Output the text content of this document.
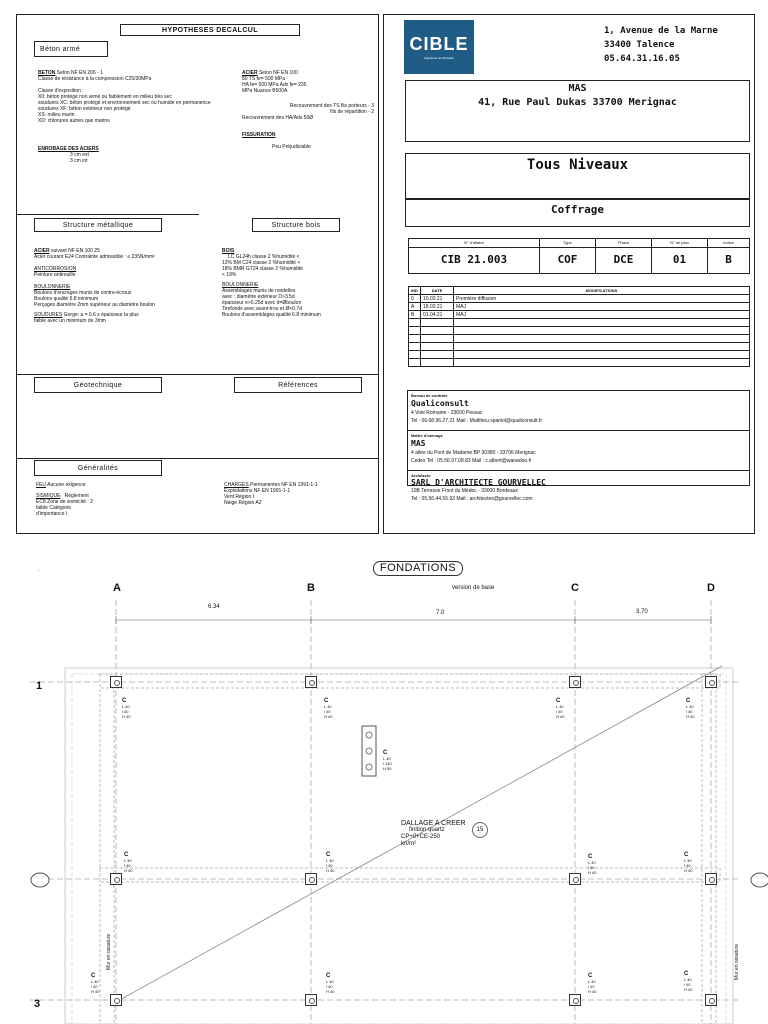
HYPOTHESES DECALCUL
Béton armé
BETON Selon NF EN 206 - 1
Classe de résistance à la compression C25/30MPa
Classe d'exposition :
X0: béton protégé non armé ou faiblement en milieu très sec
soudures XC: béton protégé et environnement sec ou humide en permanence
soudures XF: béton extérieur non protégé
XS: milieu marin
XD: chlorures autres que marins
ACIER Selon NF EN 100
80 TS fe= 500 MPa
HA fe= 500 MPa Adx fe= 235
MPa Nuance B500A
Recouvrement des TS fils porteurs - 3
fils de répartition - 2
Recouvrement des HA/Adx 50Ø
FISSURATION
Peu Préjudiciable
ENROBAGE DES ACIERS
3 cm ext
3 cm int
Structure métallique	Structure bois
ACIER suivant NF EN 100 25
Acier courant E24 Contrainte admissible : ≤ 235N/mm²
ANTICORROSION
Peinture antirouille
BOULONNERIE
Boulons d'encrages munis de contre-écrous
Boulons qualité 6.8 minimum
Perçages diamètre 2mm supérieur au diamètre boulon
SOUDURES Gorge: a = 0.6 x épaisseur la plus
faible avec un minimum de 3mm
BOIS
LC GL24h classe 2 %humidité <
12% BM C24 classe 2 %humidité <
18% BMR GT24 classe 2 %humidité
< 18%
BOULONNERIE
Assemblages munis de rondelles
avec : diamètre extérieur D>3.5d
épaisseur e>0.25d avec d=Øboulon
Tirefonds avec avant-trou et Ø<0.7d
Boulons d'assemblages qualité 6.8 minimum
Géotechnique	Références
Généralités
FEU Aucune exigence
SISMIQUE Règlement
EC8 Zone de sismicité : 2
faible Catégorie
d'importance I
CHARGES Permanentes NF EN 1991-1-1
Exploitations NF EN 1991-1-1
Vent Région I
Neige Région A2
CIBLE
Ingénierie de l'Existant
1, Avenue de la Marne
33400 Talence
05.64.31.16.05
MAS
41, Rue Paul Dukas 33700 Merignac
Tous Niveaux
Coffrage
N° d'affaire	Type	Phase	N° de plan	Indice
CIB 21.003	COF	DCE	01	B
IND	DATE	MODIFICATIONS
0	10.03.21	Première diffusion
A	18.03.21	MAJ
B	01.04.21	MAJ

Bureau de contrôle
Qualiconsult
4 Voie Romaine - 33600 Pessac
Tel : 06.68.96.27.21 Mail : Matthieu.spaniol@qualiconsult.fr
Maître d'ouvrage
MAS
4 allée du Pont de Madame BP 30380 - 33706 Merignac
Cedex Tel : 05.56.97.08.83 Mail : c.albert@wanadoo.fr
Architecte
SARL D'ARCHITECTE GOURVELLEC
10B Terrasse Front du Médoc - 33000 Bordeaux
Tel : 05.56.44.55.93 Mail : architectes@gourvellec.com
FONDATIONS
version de base
·
A	B	C	D
1
3
6.34
7.0	3.70
C
L 40
l 40
H 40
C
L 40
l 40
H 40
C
L 40
l 40
H 40
C
L 40
l 40
H 40
C
L 40
l 40
H 40
C
L 40
l 40
H 40
C
L 40
l 40
H 40
C
L 40
l 40
H 40
C
L 40
l 40
H 40
C
L 40
l 40
H 40
C
L 40
l 40
H 40
C
L 40
l 40
H 40
C
L 40
l 140
H 50
DALLAGE A CREER
finition quartz
CP+0+CE-250
kn/m²
15
Mur en ossature	Mur en ossature
